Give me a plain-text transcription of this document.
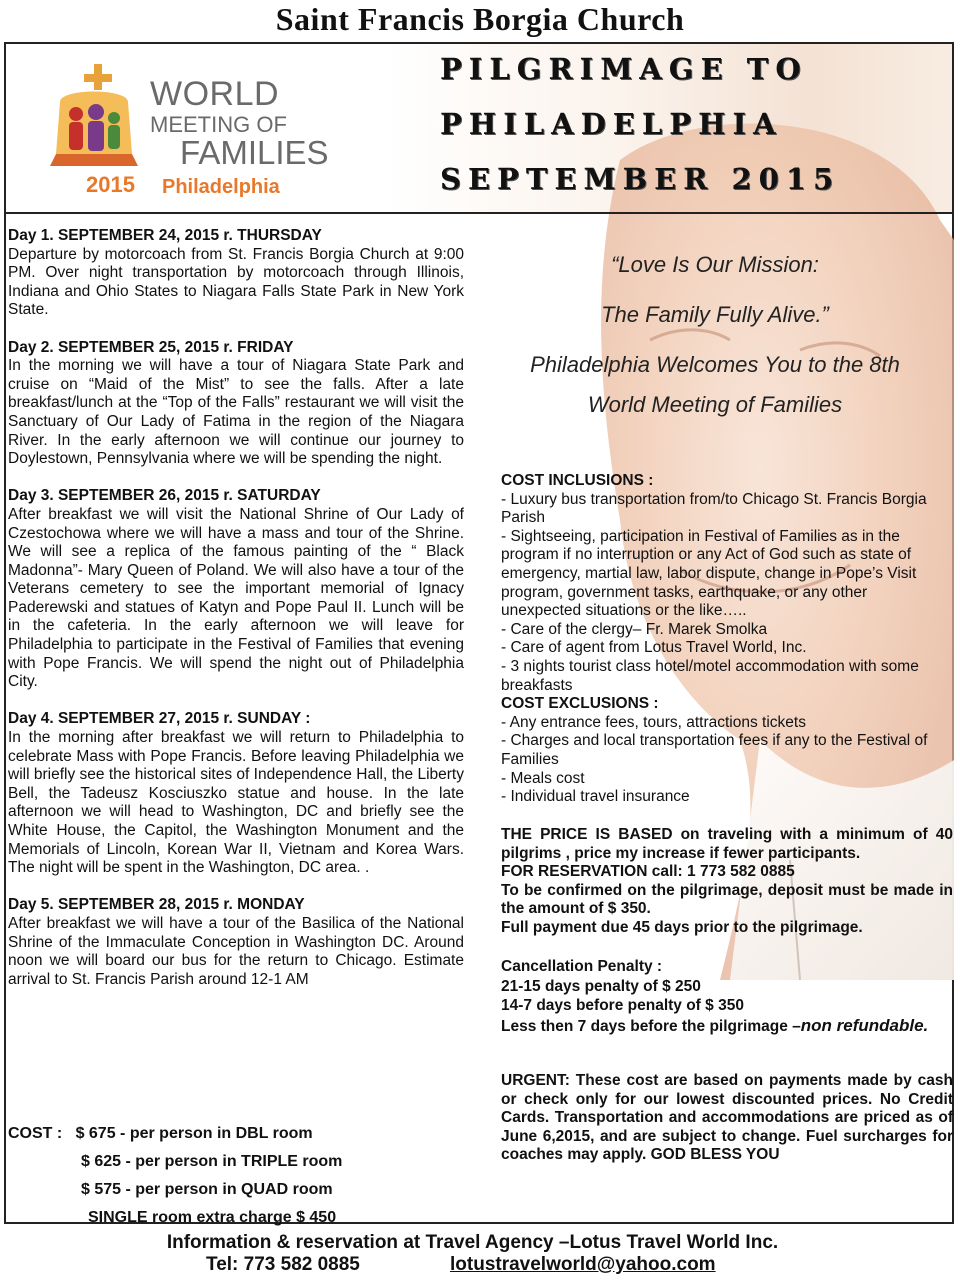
Saint Francis Borgia Church
WORLD
MEETING OF
FAMILIES
2015 Philadelphia
PILGRIMAGE TO
PHILADELPHIA
SEPTEMBER 2015
Day 1. SEPTEMBER 24, 2015 r. THURSDAY

Departure by motorcoach from St. Francis Borgia Church at 9:00 PM. Over night transportation by motorcoach through Illinois, Indiana and Ohio States to Niagara Falls State Park in New York State.

Day 2. SEPTEMBER 25, 2015 r. FRIDAY

In the morning we will have a tour of Niagara State Park and cruise on “Maid of the Mist” to see the falls. After a late breakfast/lunch at the “Top of the Falls” restaurant we will visit the Sanctuary of Our Lady of Fatima in the region of the Niagara River. In the early afternoon we will continue our journey to Doylestown, Pennsylvania where we will be spending the night.

Day 3. SEPTEMBER 26, 2015 r. SATURDAY

After breakfast we will visit the National Shrine of Our Lady of Czestochowa where we will have a mass and tour of the Shrine. We will see a replica of the famous painting of the “ Black Madonna”- Mary Queen of Poland. We will also have a tour of the Veterans cemetery to see the important memorial of Ignacy Paderewski and statues of Katyn and Pope Paul II. Lunch will be in the cafeteria. In the early afternoon we will leave for Philadelphia to participate in the Festival of Families that evening with Pope Francis. We will spend the night out of Philadelphia City.

Day 4. SEPTEMBER 27, 2015 r. SUNDAY :

In the morning after breakfast we will return to Philadelphia to celebrate Mass with Pope Francis. Before leaving Philadelphia we will briefly see the historical sites of Independence Hall, the Liberty Bell, the Tadeusz Kosciuszko statue and house. In the late afternoon we will head to Washington, DC and briefly see the White House, the Capitol, the Washington Monument and the Memorials of Lincoln, Korean War II, Vietnam and Korea Wars. The night will be spent in the Washington, DC area. .

Day 5. SEPTEMBER 28, 2015 r. MONDAY

After breakfast we will have a tour of the Basilica of the National Shrine of the Immaculate Conception in Washington DC. Around noon we will board our bus for the return to Chicago. Estimate arrival to St. Francis Parish around 12-1 AM

COST : $ 675 - per person in DBL room
$ 625 - per person in TRIPLE room
$ 575 - per person in QUAD room
SINGLE room extra charge $ 450
“Love Is Our Mission:
The Family Fully Alive.”
Philadelphia Welcomes You to the 8th
World Meeting of Families
COST INCLUSIONS :

- Luxury bus transportation from/to Chicago St. Francis Borgia Parish

- Sightseeing, participation in Festival of Families as in the program if no interruption or any Act of God such as state of emergency, martial law, labor dispute, change in Pope’s Visit program, government tasks, earthquake, or any other unexpected situations or the like…..

- Care of the clergy– Fr. Marek Smolka

- Care of agent from Lotus Travel World, Inc.

- 3 nights tourist class hotel/motel accommodation with some breakfasts

COST EXCLUSIONS :

- Any entrance fees, tours, attractions tickets

- Charges and local transportation fees if any to the Festival of Families

- Meals cost

- Individual travel insurance

THE PRICE IS BASED on traveling with a minimum of 40 pilgrims , price my increase if fewer participants.

FOR RESERVATION call: 1 773 582 0885

To be confirmed on the pilgrimage, deposit must be made in the amount of $ 350.

Full payment due 45 days prior to the pilgrimage.

Cancellation Penalty :

21-15 days penalty of $ 250

14-7 days before penalty of $ 350

Less then 7 days before the pilgrimage –non refundable.

URGENT: These cost are based on payments made by cash or check only for our lowest discounted prices. No Credit Cards. Transportation and accommodations are priced as of June 6,2015, and are subject to change. Fuel surcharges for coaches may apply. GOD BLESS YOU
Information & reservation at Travel Agency –Lotus Travel World Inc.
Tel: 773 582 0885	lotustravelworld@yahoo.com
